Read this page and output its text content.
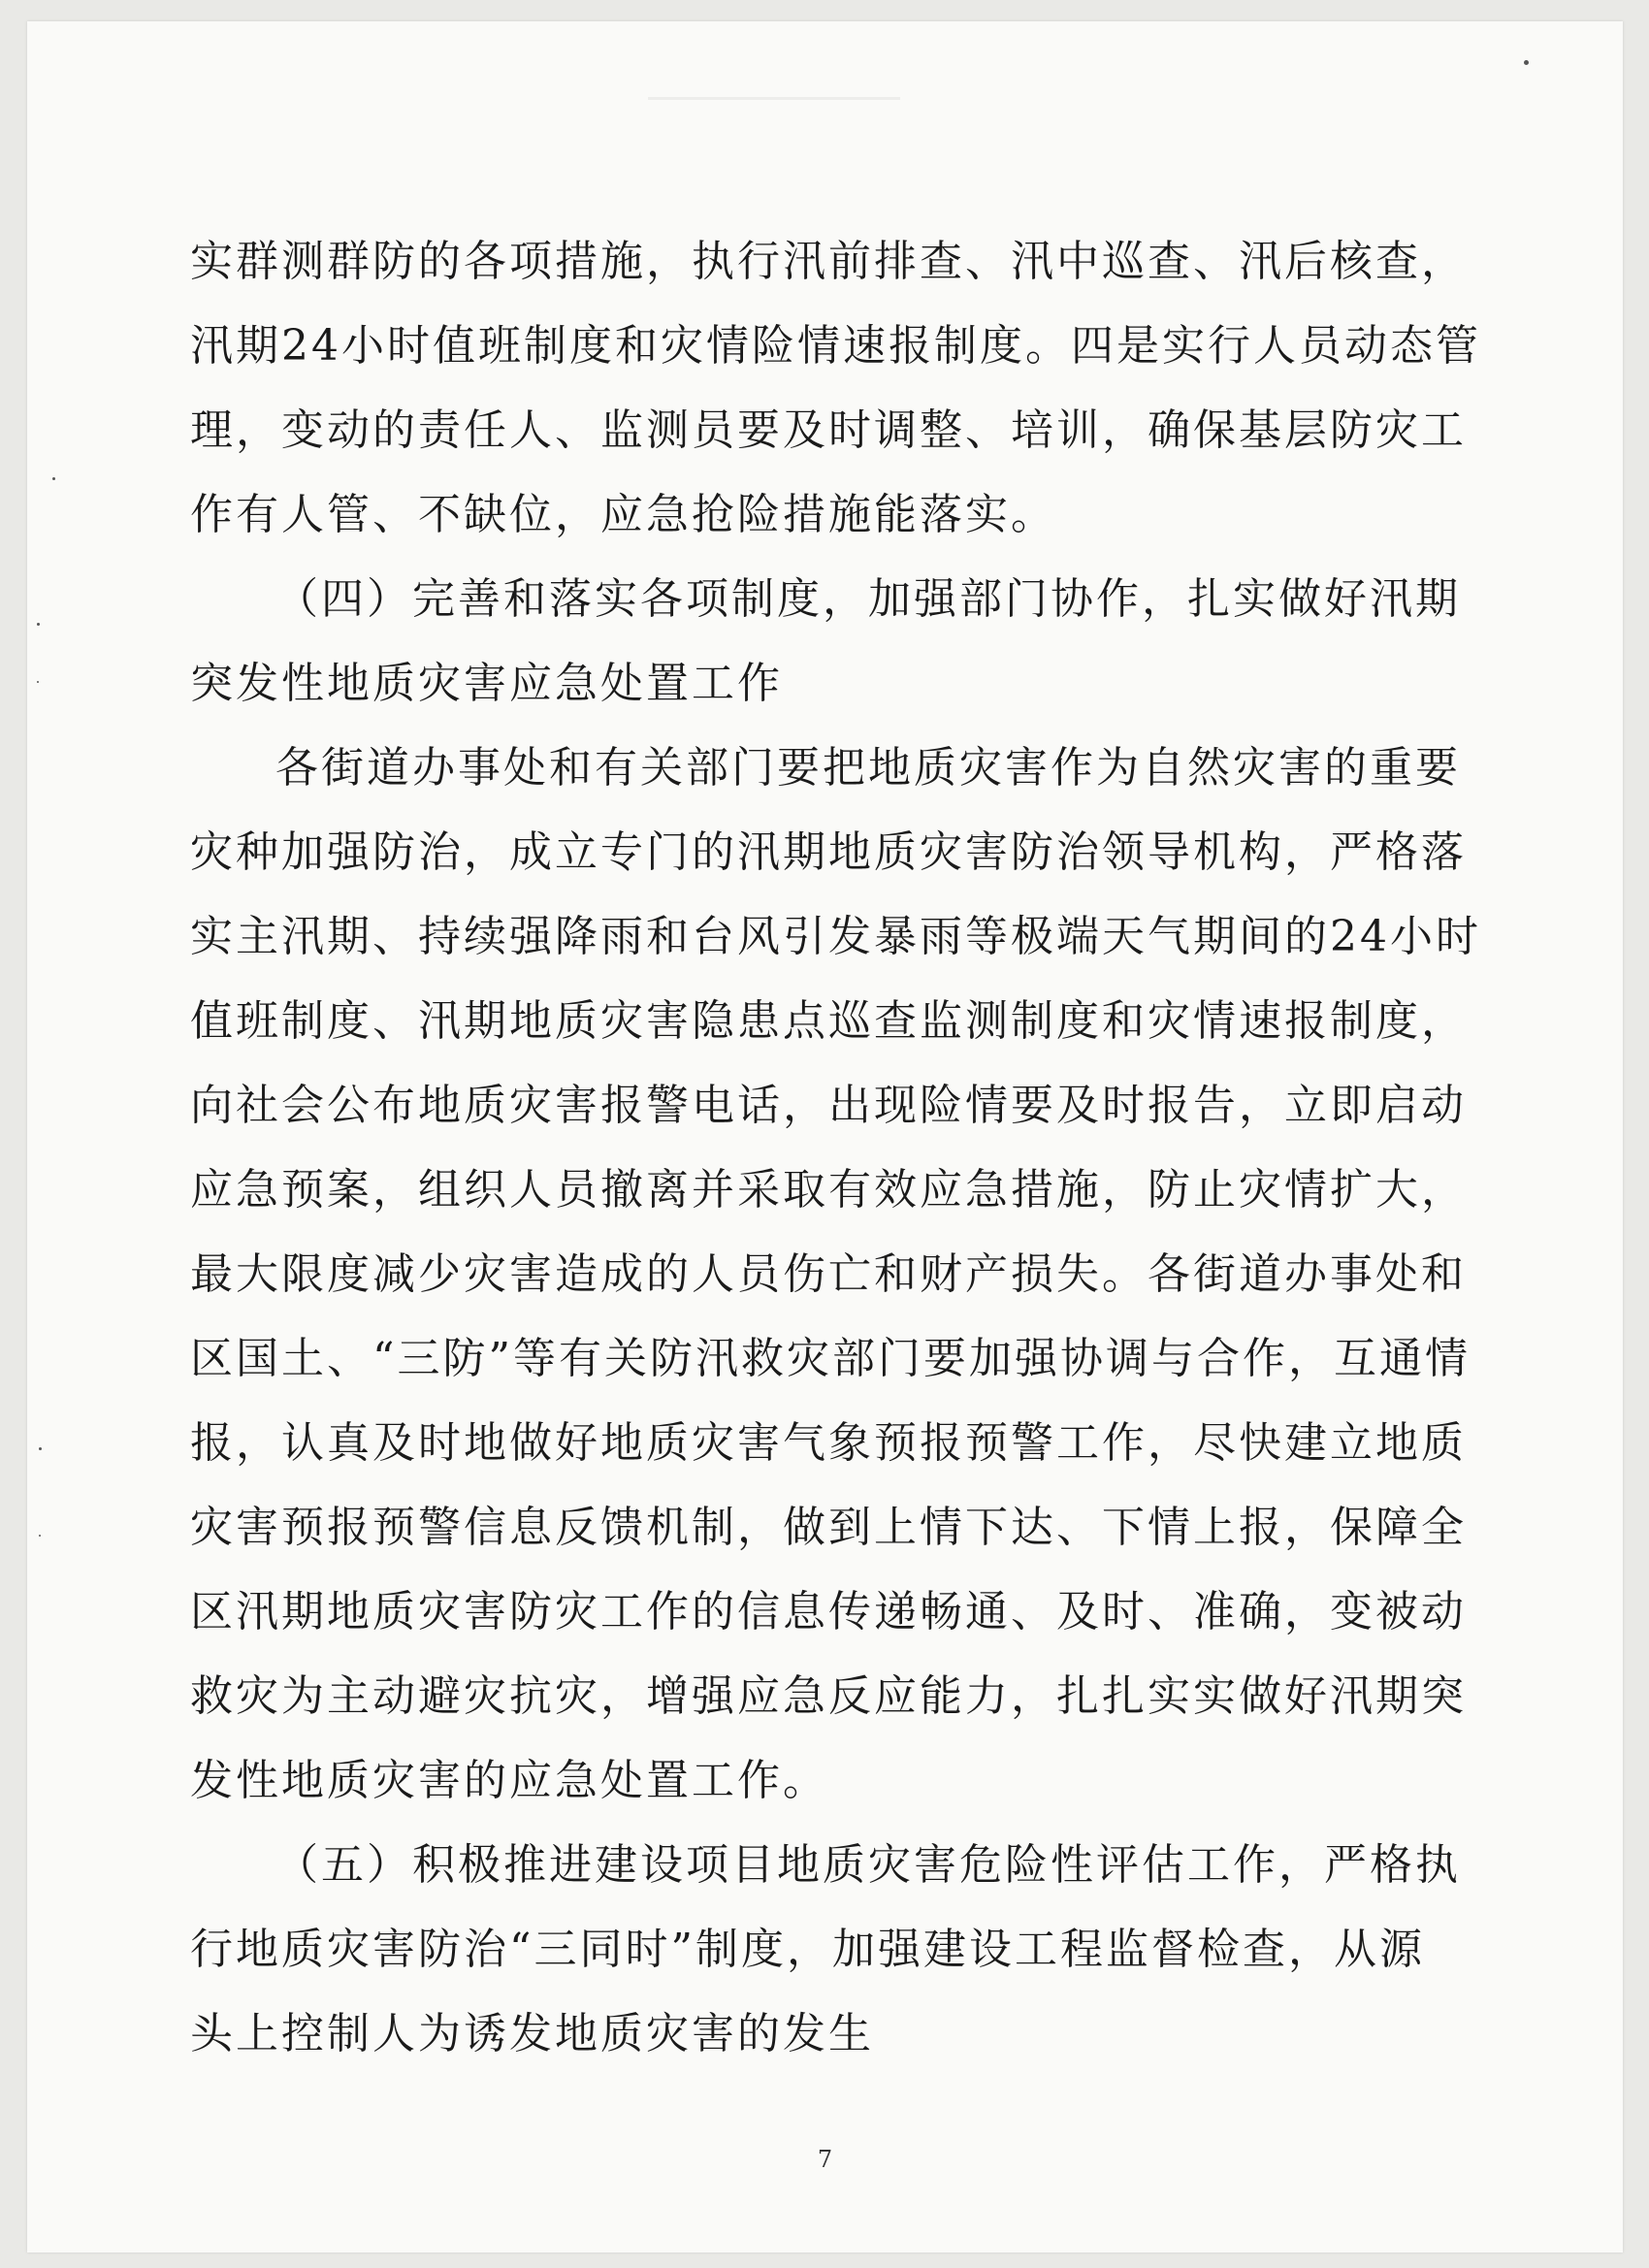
实群测群防的各项措施，执行汛前排查、汛中巡查、汛后核查，
汛期24小时值班制度和灾情险情速报制度。四是实行人员动态管
理，变动的责任人、监测员要及时调整、培训，确保基层防灾工
作有人管、不缺位，应急抢险措施能落实。
（四）完善和落实各项制度，加强部门协作，扎实做好汛期
突发性地质灾害应急处置工作
各街道办事处和有关部门要把地质灾害作为自然灾害的重要
灾种加强防治，成立专门的汛期地质灾害防治领导机构，严格落
实主汛期、持续强降雨和台风引发暴雨等极端天气期间的24小时
值班制度、汛期地质灾害隐患点巡查监测制度和灾情速报制度，
向社会公布地质灾害报警电话，出现险情要及时报告，立即启动
应急预案，组织人员撤离并采取有效应急措施，防止灾情扩大，
最大限度减少灾害造成的人员伤亡和财产损失。各街道办事处和
区国土、“三防”等有关防汛救灾部门要加强协调与合作，互通情
报，认真及时地做好地质灾害气象预报预警工作，尽快建立地质
灾害预报预警信息反馈机制，做到上情下达、下情上报，保障全
区汛期地质灾害防灾工作的信息传递畅通、及时、准确，变被动
救灾为主动避灾抗灾，增强应急反应能力，扎扎实实做好汛期突
发性地质灾害的应急处置工作。
（五）积极推进建设项目地质灾害危险性评估工作，严格执
行地质灾害防治“三同时”制度，加强建设工程监督检查，从源
头上控制人为诱发地质灾害的发生
7
